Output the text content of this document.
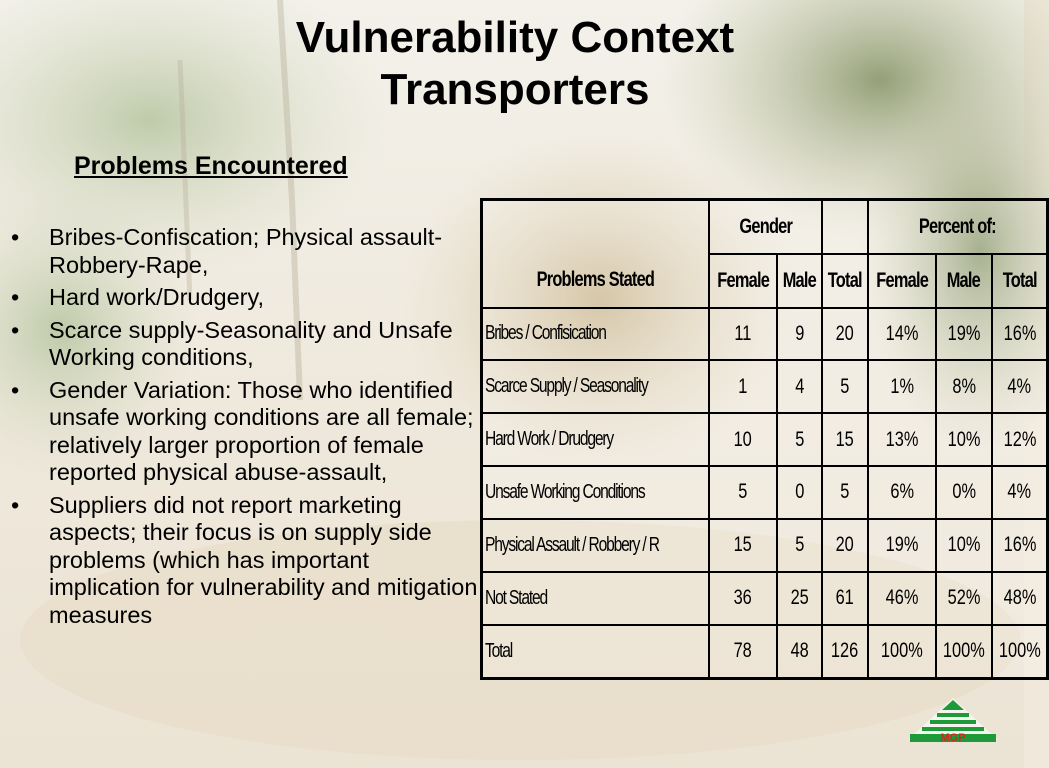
Vulnerability Context
Transporters
Problems Encountered
• Bribes-Confiscation; Physical assault-Robbery-Rape,
• Hard work/Drudgery,
• Scarce supply-Seasonality and Unsafe Working conditions,
• Gender Variation: Those who identified unsafe working conditions are all female; relatively larger proportion of female reported physical abuse-assault,
• Suppliers did not report marketing aspects; their focus is on supply side problems (which has important implication for vulnerability and mitigation measures
	Gender			Percent of:		
Problems Stated	Female	Male	Total	Female	Male	Total
Bribes / Confisication	11	9	20	14%	19%	16%
Scarce Supply / Seasonality	1	4	5	1%	8%	4%
Hard Work / Drudgery	10	5	15	13%	10%	12%
Unsafe Working Conditions	5	0	5	6%	0%	4%
Physical Assault / Robbery / R	15	5	20	19%	10%	16%
Not Stated	36	25	61	46%	52%	48%
Total	78	48	126	100%	100%	100%
MGP
